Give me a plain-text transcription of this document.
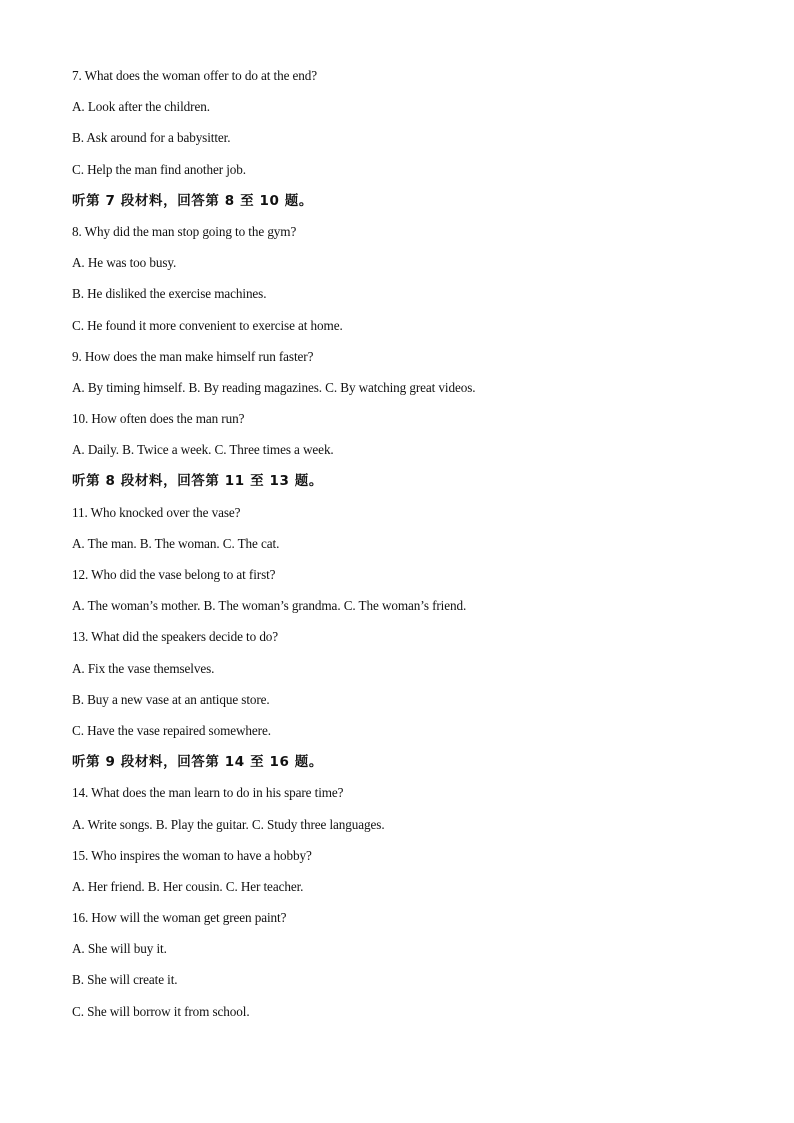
7. What does the woman offer to do at the end?
A. Look after the children.
B. Ask around for a babysitter.
C. Help the man find another job.
听第 7 段材料，回答第 8 至 10 题。
8. Why did the man stop going to the gym?
A. He was too busy.
B. He disliked the exercise machines.
C. He found it more convenient to exercise at home.
9. How does the man make himself run faster?
A. By timing himself. B. By reading magazines. C. By watching great videos.
10. How often does the man run?
A. Daily. B. Twice a week. C. Three times a week.
听第 8 段材料，回答第 11 至 13 题。
11. Who knocked over the vase?
A. The man. B. The woman. C. The cat.
12. Who did the vase belong to at first?
A. The woman’s mother. B. The woman’s grandma. C. The woman’s friend.
13. What did the speakers decide to do?
A. Fix the vase themselves.
B. Buy a new vase at an antique store.
C. Have the vase repaired somewhere.
听第 9 段材料，回答第 14 至 16 题。
14. What does the man learn to do in his spare time?
A. Write songs. B. Play the guitar. C. Study three languages.
15. Who inspires the woman to have a hobby?
A. Her friend. B. Her cousin. C. Her teacher.
16. How will the woman get green paint?
A. She will buy it.
B. She will create it.
C. She will borrow it from school.
